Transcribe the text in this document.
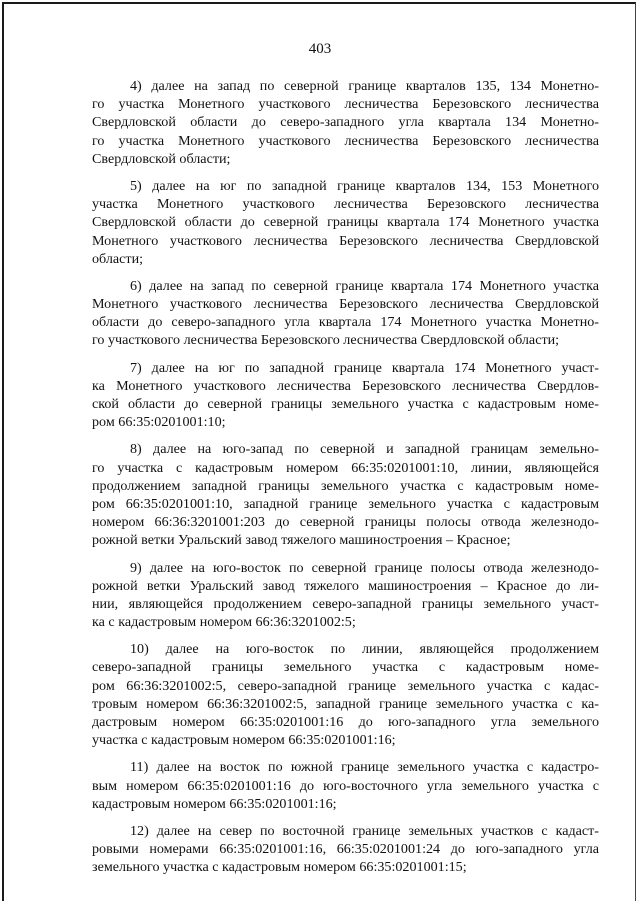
403

4) далее на запад по северной границе кварталов 135, 134 Монетно-
го участка Монетного участкового лесничества Березовского лесничества
Свердловской области до северо-западного угла квартала 134 Монетно-
го участка Монетного участкового лесничества Березовского лесничества
Свердловской области;

5) далее на юг по западной границе кварталов 134, 153 Монетного
участка Монетного участкового лесничества Березовского лесничества
Свердловской области до северной границы квартала 174 Монетного участка
Монетного участкового лесничества Березовского лесничества Свердловской
области;

6) далее на запад по северной границе квартала 174 Монетного участка
Монетного участкового лесничества Березовского лесничества Свердловской
области до северо-западного угла квартала 174 Монетного участка Монетно-
го участкового лесничества Березовского лесничества Свердловской области;

7) далее на юг по западной границе квартала 174 Монетного участ-
ка Монетного участкового лесничества Березовского лесничества Свердлов-
ской области до северной границы земельного участка с кадастровым номе-
ром 66:35:0201001:10;

8) далее на юго-запад по северной и западной границам земельно-
го участка с кадастровым номером 66:35:0201001:10, линии, являющейся
продолжением западной границы земельного участка с кадастровым номе-
ром 66:35:0201001:10, западной границе земельного участка с кадастровым
номером 66:36:3201001:203 до северной границы полосы отвода железнодо-
рожной ветки Уральский завод тяжелого машиностроения – Красное;

9) далее на юго-восток по северной границе полосы отвода железнодо-
рожной ветки Уральский завод тяжелого машиностроения – Красное до ли-
нии, являющейся продолжением северо-западной границы земельного участ-
ка с кадастровым номером 66:36:3201002:5;

10) далее на юго-восток по линии, являющейся продолжением
северо-западной границы земельного участка с кадастровым номе-
ром 66:36:3201002:5, северо-западной границе земельного участка с кадас-
тровым номером 66:36:3201002:5, западной границе земельного участка с ка-
дастровым номером 66:35:0201001:16 до юго-западного угла земельного
участка с кадастровым номером 66:35:0201001:16;

11) далее на восток по южной границе земельного участка с кадастро-
вым номером 66:35:0201001:16 до юго-восточного угла земельного участка с
кадастровым номером 66:35:0201001:16;

12) далее на север по восточной границе земельных участков с кадаст-
ровыми номерами 66:35:0201001:16, 66:35:0201001:24 до юго-западного угла
земельного участка с кадастровым номером 66:35:0201001:15;
